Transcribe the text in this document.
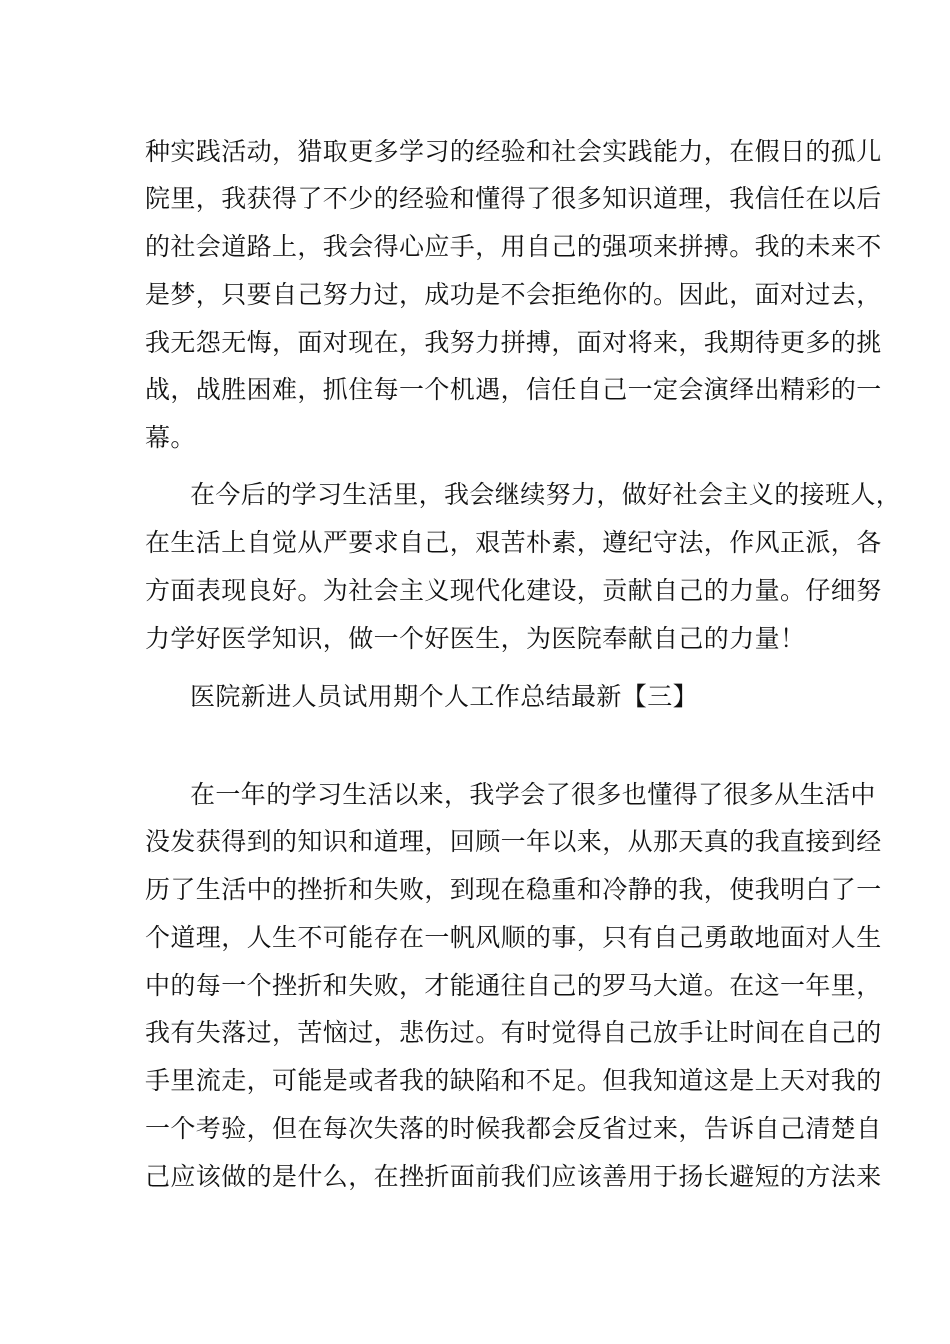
种实践活动，猎取更多学习的经验和社会实践能力，在假日的孤儿

院里，我获得了不少的经验和懂得了很多知识道理，我信任在以后

的社会道路上，我会得心应手，用自己的强项来拼搏。我的未来不

是梦，只要自己努力过，成功是不会拒绝你的。因此，面对过去，

我无怨无悔，面对现在，我努力拼搏，面对将来，我期待更多的挑

战，战胜困难，抓住每一个机遇，信任自己一定会演绎出精彩的一

幕。

在今后的学习生活里，我会继续努力，做好社会主义的接班人，

在生活上自觉从严要求自己，艰苦朴素，遵纪守法，作风正派，各

方面表现良好。为社会主义现代化建设，贡献自己的力量。仔细努

力学好医学知识，做一个好医生，为医院奉献自己的力量！

医院新进人员试用期个人工作总结最新【三】

在一年的学习生活以来，我学会了很多也懂得了很多从生活中

没发获得到的知识和道理，回顾一年以来，从那天真的我直接到经

历了生活中的挫折和失败，到现在稳重和冷静的我，使我明白了一

个道理，人生不可能存在一帆风顺的事，只有自己勇敢地面对人生

中的每一个挫折和失败，才能通往自己的罗马大道。在这一年里，

我有失落过，苦恼过，悲伤过。有时觉得自己放手让时间在自己的

手里流走，可能是或者我的缺陷和不足。但我知道这是上天对我的

一个考验，但在每次失落的时候我都会反省过来，告诉自己清楚自

己应该做的是什么，在挫折面前我们应该善用于扬长避短的方法来
